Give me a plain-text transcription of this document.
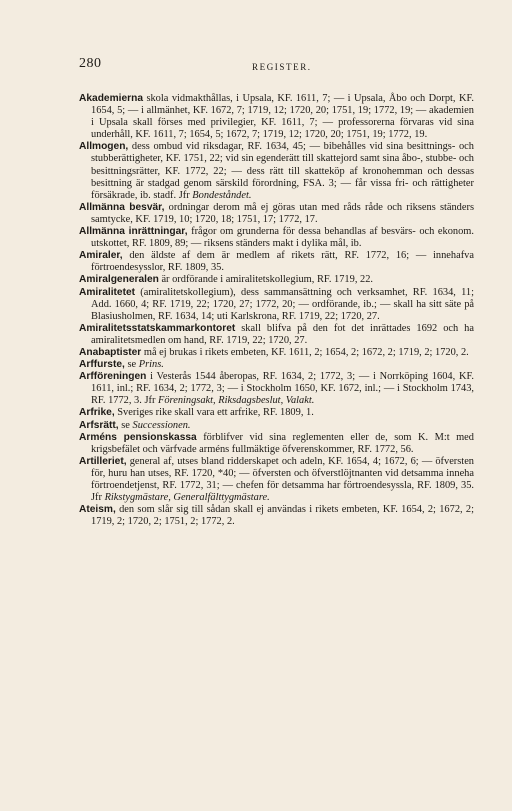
280	REGISTER.

Akademierna skola vidmakthållas, i Upsala, KF. 1611, 7; — i Upsala, Åbo och Dorpt, KF. 1654, 5; — i allmänhet, KF. 1672, 7; 1719, 12; 1720, 20; 1751, 19; 1772, 19; — akademien i Upsala skall förses med privilegier, KF. 1611, 7; — professorerna förvaras vid sina underhåll, KF. 1611, 7; 1654, 5; 1672, 7; 1719, 12; 1720, 20; 1751, 19; 1772, 19.

Allmogen, dess ombud vid riksdagar, RF. 1634, 45; — bibehålles vid sina besittnings- och stubberättigheter, KF. 1751, 22; vid sin egenderätt till skattejord samt sina åbo-, stubbe- och besittningsrätter, KF. 1772, 22; — dess rätt till skatteköp af kronohemman och dessas besittning är stadgad genom särskild förordning, FSA. 3; — får vissa fri- och rättigheter försäkrade, ib. stadf. Jfr Bondeståndet.

Allmänna besvär, ordningar derom må ej göras utan med råds råde och riksens ständers samtycke, KF. 1719, 10; 1720, 18; 1751, 17; 1772, 17.

Allmänna inrättningar, frågor om grunderna för dessa behandlas af besvärs- och ekonom. utskottet, RF. 1809, 89; — riksens ständers makt i dylika mål, ib.

Amiraler, den äldste af dem är medlem af rikets rätt, RF. 1772, 16; — innehafva förtroendesysslor, RF. 1809, 35.

Amiralgeneralen är ordförande i amiralitetskollegium, RF. 1719, 22.

Amiralitetet (amiralitetskollegium), dess sammansättning och verksamhet, RF. 1634, 11; Add. 1660, 4; RF. 1719, 22; 1720, 27; 1772, 20; — ordförande, ib.; — skall ha sitt säte på Blasiusholmen, RF. 1634, 14; uti Karlskrona, RF. 1719, 22; 1720, 27.

Amiralitetsstatskammarkontoret skall blifva på den fot det inrättades 1692 och ha amiralitetsmedlen om hand, RF. 1719, 22; 1720, 27.

Anabaptister må ej brukas i rikets embeten, KF. 1611, 2; 1654, 2; 1672, 2; 1719, 2; 1720, 2.

Arffurste, se Prins.

Arfföreningen i Vesterås 1544 åberopas, RF. 1634, 2; 1772, 3; — i Norrköping 1604, KF. 1611, inl.; RF. 1634, 2; 1772, 3; — i Stockholm 1650, KF. 1672, inl.; — i Stockholm 1743, RF. 1772, 3. Jfr Föreningsakt, Riksdagsbeslut, Valakt.

Arfrike, Sveriges rike skall vara ett arfrike, RF. 1809, 1.

Arfsrätt, se Successionen.

Arméns pensionskassa förblifver vid sina reglementen eller de, som K. M:t med krigsbefälet och värfvade arméns fullmäktige öfverenskommer, RF. 1772, 56.

Artilleriet, general af, utses bland ridderskapet och adeln, KF. 1654, 4; 1672, 6; — öfversten för, huru han utses, RF. 1720, *40; — öfversten och öfverstlöjtnanten vid detsamma inneha förtroendetjenst, RF. 1772, 31; — chefen för detsamma har förtroendesyssla, RF. 1809, 35. Jfr Rikstygmästare, Generalfälttygmästare.

Ateism, den som slår sig till sådan skall ej användas i rikets embeten, KF. 1654, 2; 1672, 2; 1719, 2; 1720, 2; 1751, 2; 1772, 2.
